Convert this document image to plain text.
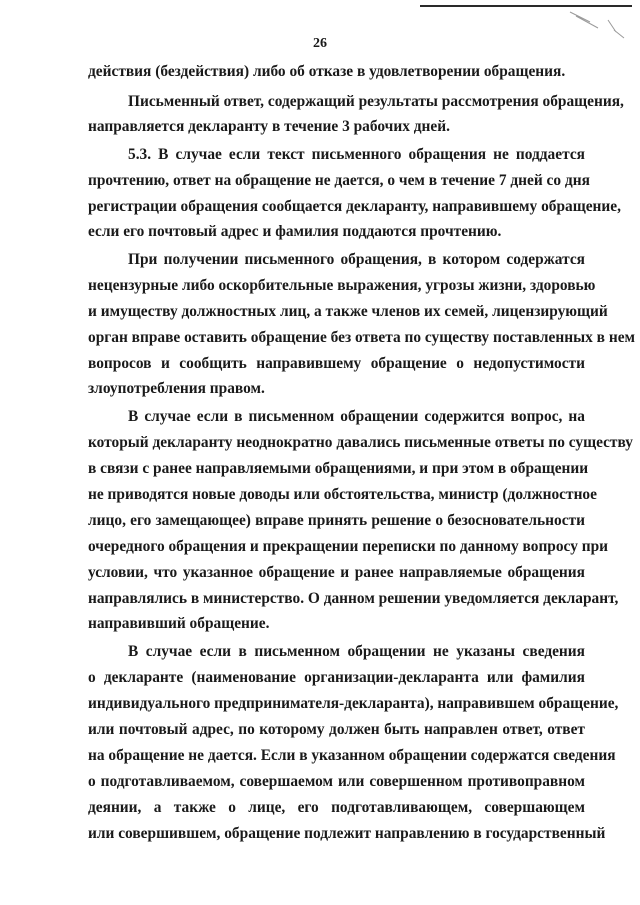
26
действия (бездействия) либо об отказе в удовлетворении обращения.
Письменный ответ, содержащий результаты рассмотрения обращения,
направляется декларанту в течение 3 рабочих дней.
5.3. В случае если текст письменного обращения не поддается
прочтению, ответ на обращение не дается, о чем в течение 7 дней со дня
регистрации обращения сообщается декларанту, направившему обращение,
если его почтовый адрес и фамилия поддаются прочтению.
При получении письменного обращения, в котором содержатся
нецензурные либо оскорбительные выражения, угрозы жизни, здоровью
и имуществу должностных лиц, а также членов их семей, лицензирующий
орган вправе оставить обращение без ответа по существу поставленных в нем
вопросов и сообщить направившему обращение о недопустимости
злоупотребления правом.
В случае если в письменном обращении содержится вопрос, на
который декларанту неоднократно давались письменные ответы по существу
в связи с ранее направляемыми обращениями, и при этом в обращении
не приводятся новые доводы или обстоятельства, министр (должностное
лицо, его замещающее) вправе принять решение о безосновательности
очередного обращения и прекращении переписки по данному вопросу при
условии, что указанное обращение и ранее направляемые обращения
направлялись в министерство. О данном решении уведомляется декларант,
направивший обращение.
В случае если в письменном обращении не указаны сведения
о декларанте (наименование организации-декларанта или фамилия
индивидуального предпринимателя-декларанта), направившем обращение,
или почтовый адрес, по которому должен быть направлен ответ, ответ
на обращение не дается. Если в указанном обращении содержатся сведения
о подготавливаемом, совершаемом или совершенном противоправном
деянии, а также о лице, его подготавливающем, совершающем
или совершившем, обращение подлежит направлению в государственный
